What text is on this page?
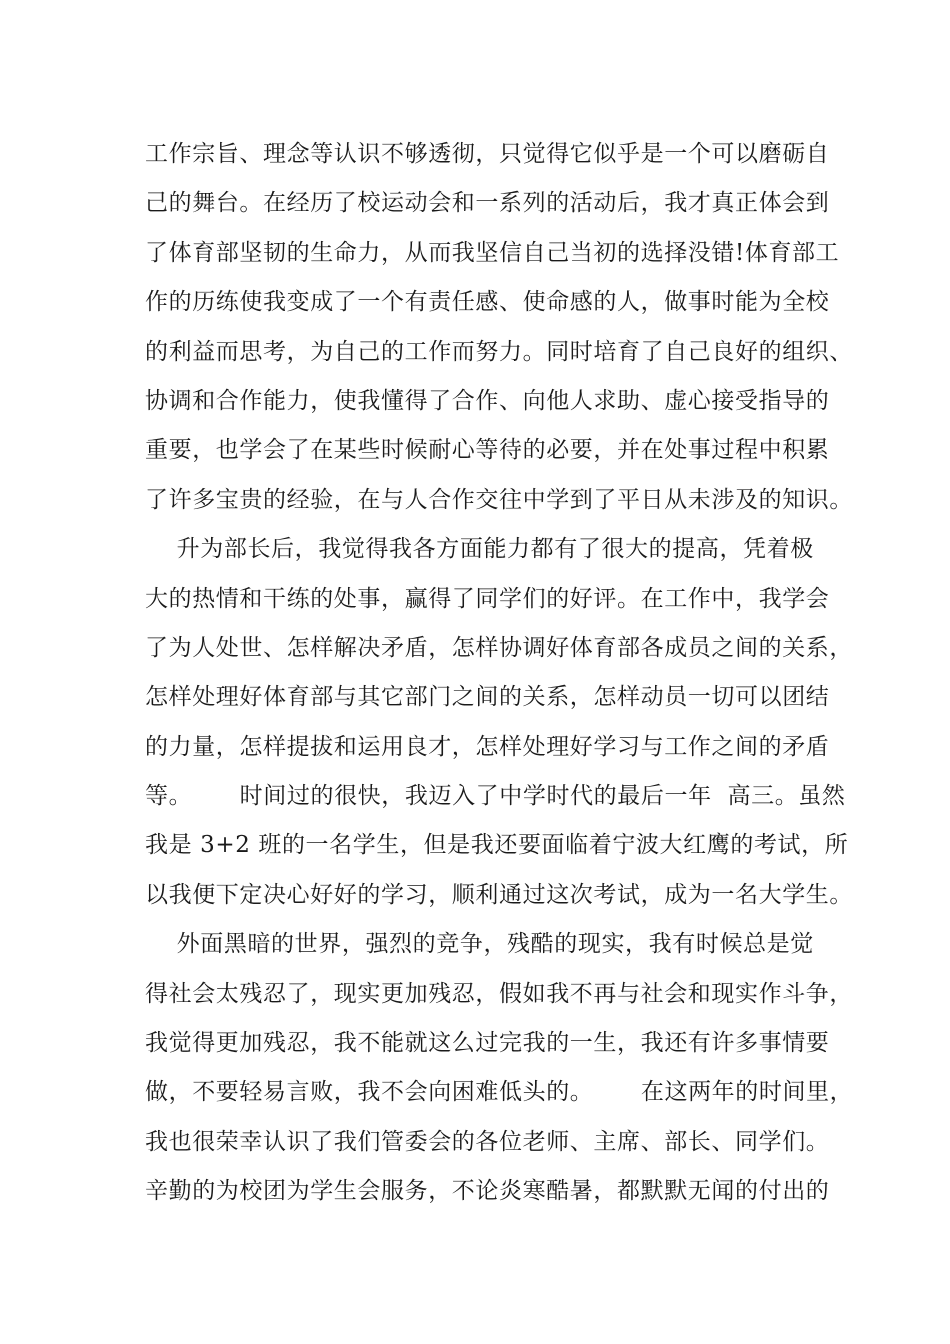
工作宗旨、理念等认识不够透彻，只觉得它似乎是一个可以磨砺自
己的舞台。在经历了校运动会和一系列的活动后，我才真正体会到
了体育部坚韧的生命力，从而我坚信自己当初的选择没错!体育部工
作的历练使我变成了一个有责任感、使命感的人，做事时能为全校
的利益而思考，为自己的工作而努力。同时培育了自己良好的组织、
协调和合作能力，使我懂得了合作、向他人求助、虚心接受指导的
重要，也学会了在某些时候耐心等待的必要，并在处事过程中积累
了许多宝贵的经验，在与人合作交往中学到了平日从未涉及的知识。
升为部长后，我觉得我各方面能力都有了很大的提高，凭着极
大的热情和干练的处事，赢得了同学们的好评。在工作中，我学会
了为人处世、怎样解决矛盾，怎样协调好体育部各成员之间的关系，
怎样处理好体育部与其它部门之间的关系，怎样动员一切可以团结
的力量，怎样提拔和运用良才，怎样处理好学习与工作之间的矛盾
等。      时间过的很快，我迈入了中学时代的最后一年  高三。虽然
我是 3+2 班的一名学生，但是我还要面临着宁波大红鹰的考试，所
以我便下定决心好好的学习，顺利通过这次考试，成为一名大学生。
外面黑暗的世界，强烈的竞争，残酷的现实，我有时候总是觉
得社会太残忍了，现实更加残忍，假如我不再与社会和现实作斗争，
我觉得更加残忍，我不能就这么过完我的一生，我还有许多事情要
做，不要轻易言败，我不会向困难低头的。      在这两年的时间里，
我也很荣幸认识了我们管委会的各位老师、主席、部长、同学们。
辛勤的为校团为学生会服务，不论炎寒酷暑，都默默无闻的付出的
